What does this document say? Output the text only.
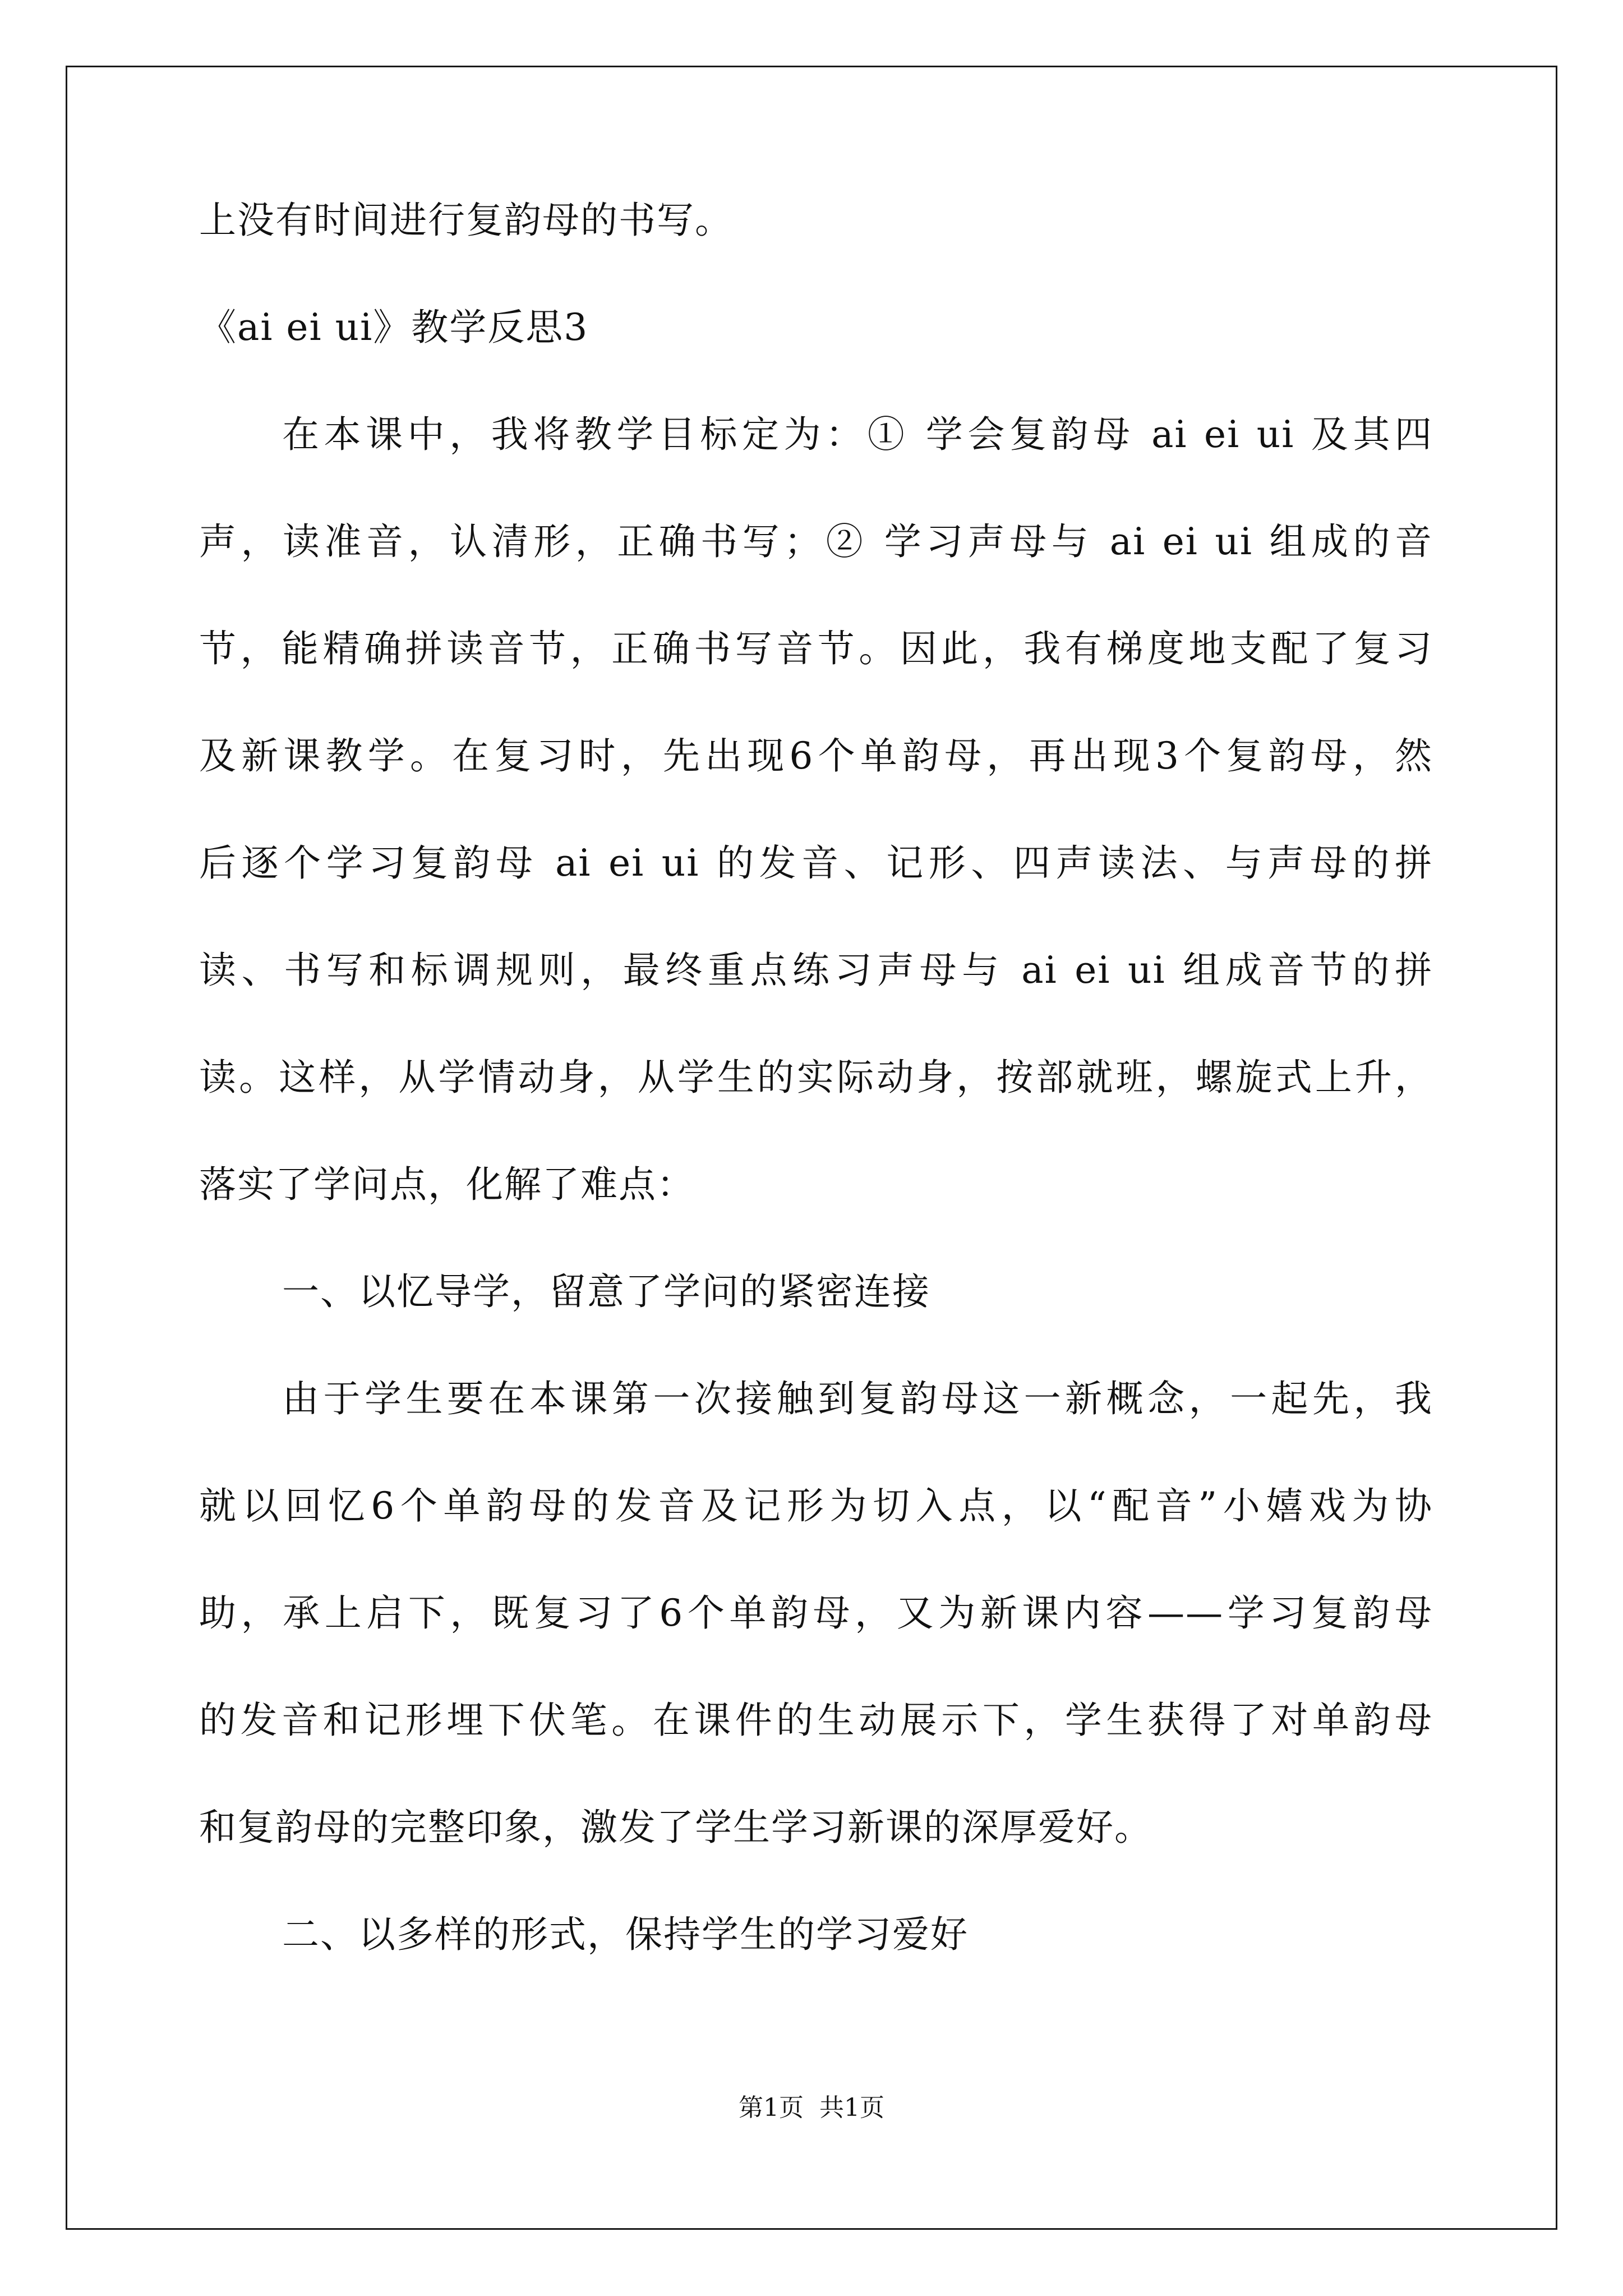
上没有时间进行复韵母的书写。
《ai ei ui》教学反思3
在本课中，我将教学目标定为：① 学会复韵母 ai ei ui 及其四
声，读准音，认清形，正确书写；② 学习声母与 ai ei ui 组成的音
节，能精确拼读音节，正确书写音节。因此，我有梯度地支配了复习
及新课教学。在复习时，先出现6个单韵母，再出现3个复韵母，然
后逐个学习复韵母 ai ei ui 的发音、记形、四声读法、与声母的拼
读、书写和标调规则，最终重点练习声母与 ai ei ui 组成音节的拼
读。这样，从学情动身，从学生的实际动身，按部就班，螺旋式上升，
落实了学问点，化解了难点：
一、以忆导学，留意了学问的紧密连接
由于学生要在本课第一次接触到复韵母这一新概念，一起先，我
就以回忆6个单韵母的发音及记形为切入点，以“配音”小嬉戏为协
助，承上启下，既复习了6个单韵母，又为新课内容——学习复韵母
的发音和记形埋下伏笔。在课件的生动展示下，学生获得了对单韵母
和复韵母的完整印象，激发了学生学习新课的深厚爱好。
二、以多样的形式，保持学生的学习爱好
第1页  共1页
